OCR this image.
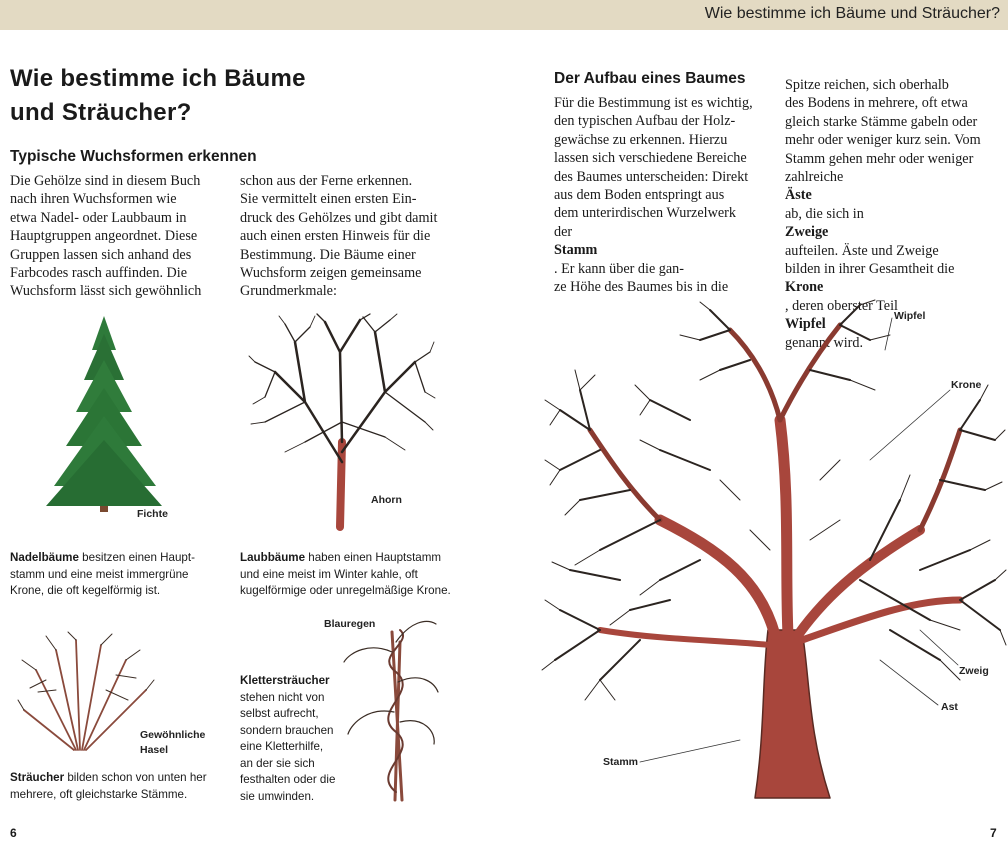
Wie bestimme ich Bäume und Sträucher?
Wie bestimme ich Bäume
und Sträucher?
Typische Wuchsformen erkennen
Die Gehölze sind in diesem Buch
nach ihren Wuchsformen wie
etwa Nadel- oder Laubbaum in
Hauptgruppen angeordnet. Diese
Gruppen lassen sich anhand des
Farbcodes rasch auffinden. Die
Wuchsform lässt sich gewöhnlich
schon aus der Ferne erkennen.
Sie vermittelt einen ersten Ein-
druck des Gehölzes und gibt damit
auch einen ersten Hinweis für die
Bestimmung. Die Bäume einer
Wuchsform zeigen gemeinsame
Grundmerkmale:
Fichte
Ahorn
Nadelbäume besitzen einen Haupt-
stamm und eine meist immergrüne
Krone, die oft kegelförmig ist.
Laubbäume haben einen Hauptstamm
und eine meist im Winter kahle, oft
kugelförmige oder unregelmäßige Krone.
Gewöhnliche
Hasel
Sträucher bilden schon von unten her
mehrere, oft gleichstarke Stämme.
Blauregen
Klettersträucher
stehen nicht von
selbst aufrecht,
sondern brauchen
eine Kletterhilfe,
an der sie sich
festhalten oder die
sie umwinden.
6
Der Aufbau eines Baumes
Für die Bestimmung ist es wichtig,
den typischen Aufbau der Holz-
gewächse zu erkennen. Hierzu
lassen sich verschiedene Bereiche
des Baumes unterscheiden: Direkt
aus dem Boden entspringt aus
dem unterirdischen Wurzelwerk
der
Stamm
. Er kann über die gan-
ze Höhe des Baumes bis in die
Spitze reichen, sich oberhalb
des Bodens in mehrere, oft etwa
gleich starke Stämme gabeln oder
mehr oder weniger kurz sein. Vom
Stamm gehen mehr oder weniger
zahlreiche
Äste
ab, die sich in
Zweige
aufteilen. Äste und Zweige
bilden in ihrer Gesamtheit die
Krone
, deren oberster Teil
Wipfel
genannt wird.
Wipfel
Krone
Zweig
Ast
Stamm
7
